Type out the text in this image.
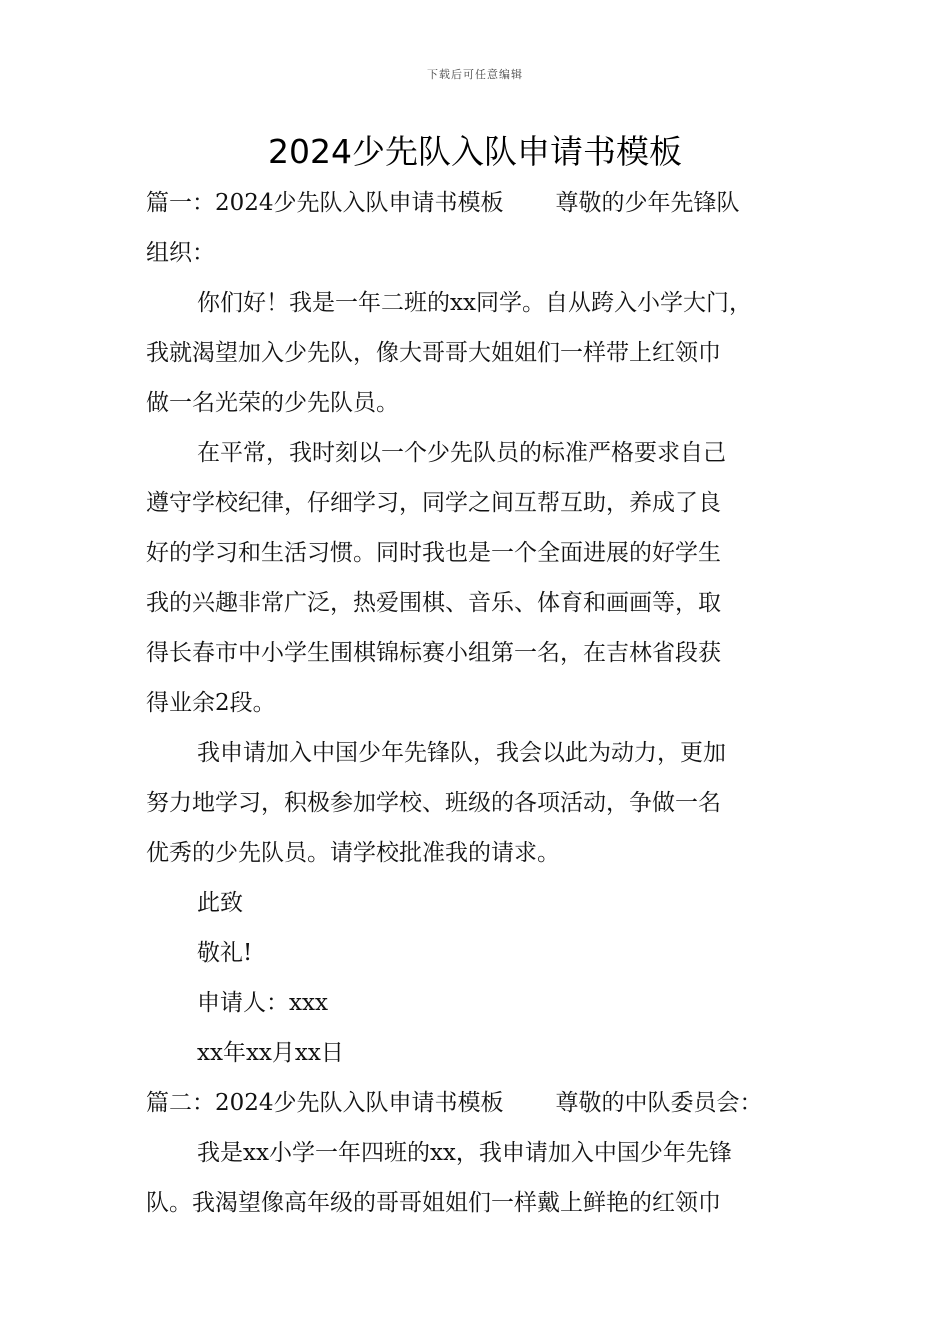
下载后可任意编辑
2024少先队入队申请书模板
篇一：2024少先队入队申请书模板 尊敬的少年先锋队
组织：
你们好！我是一年二班的xx同学。自从跨入小学大门，
我就渴望加入少先队，像大哥哥大姐姐们一样带上红领巾
做一名光荣的少先队员。
在平常，我时刻以一个少先队员的标准严格要求自己
遵守学校纪律，仔细学习，同学之间互帮互助，养成了良
好的学习和生活习惯。同时我也是一个全面进展的好学生
我的兴趣非常广泛，热爱围棋、音乐、体育和画画等，取
得长春市中小学生围棋锦标赛小组第一名，在吉林省段获
得业余2段。
我申请加入中国少年先锋队，我会以此为动力，更加
努力地学习，积极参加学校、班级的各项活动，争做一名
优秀的少先队员。请学校批准我的请求。
此致
敬礼!
申请人：xxx
xx年xx月xx日
篇二：2024少先队入队申请书模板 尊敬的中队委员会：
我是xx小学一年四班的xx，我申请加入中国少年先锋
队。我渴望像高年级的哥哥姐姐们一样戴上鲜艳的红领巾
